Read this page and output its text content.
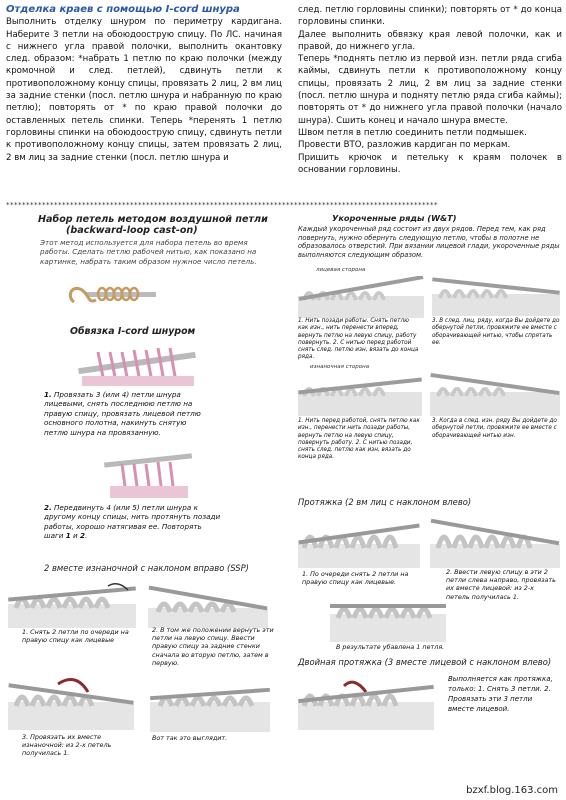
Отделка краев с помощью I-cord шнура

Выполнить отделку шнуром по периметру кардигана. Наберите 3 петли на обоюдоострую спицу. По ЛС. начиная с нижнего угла правой полочки, выполнить окантовку след. образом: *набрать 1 петлю по краю полочки (между кромочной и след. петлей), сдвинуть петли к противоположному концу спицы, провязать 2 лиц, 2 вм лиц за задние стенки (посл. петлю шнура и набранную по краю петлю); повторять от * по краю правой полочки до оставленных петель спинки. Теперь *перенять 1 петлю горловины спинки на обоюдоострую спицу, сдвинуть петли к противоположному концу спицы, затем провязать 2 лиц, 2 вм лиц за задние стенки (посл. петлю шнура и

след. петлю горловины спинки); повторять от * до конца горловины спинки.

Далее выполнить обвязку края левой полочки, как и правой, до нижнего угла.

Теперь *поднять петлю из первой изн. петли ряда сгиба каймы, сдвинуть петли к противоположному концу спицы, провязать 2 лиц, 2 вм лиц за задние стенки (посл. петлю шнура и подняту петлю ряда сгиба каймы); повторять от * до нижнего угла правой полочки (начало шнура). Сшить конец и начало шнура вместе.

Швом петля в петлю соединить петли подмышек.

Провести ВТО, разложив кардиган по меркам.

Пришить крючок и петельку к краям полочек в основании горловины.

************************************************************************************************************
Набор петель методом воздушной петли
(backward-loop cast-on)
Этот метод используется для набора петель во время работы. Сделать петлю рабочей нитью, как показано на картинке, набрать таким образом нужное число петель.
Обвязка I-cord шнуром
1. Провязать 3 (или 4) петли шнура лицевыми, снять последнюю петлю на правую спицу, провязать лицевой петлю основного полотна, накинуть снятую петлю шнура на провязанную.
2. Передвинуть 4 (или 5) петли шнура к другому концу спицы, нить протянуть позади работы, хорошо натягивая ее. Повторять шаги 1 и 2.
2 вместе изнаночной с наклоном вправо (SSP)
1. Снять 2 петли по очереди на правую спицу как лицевые
2. В том же положении вернуть эти петли на левую спицу. Ввести правую спицу за задние стенки сначала во вторую петлю, затем в первую.
3. Провязать их вместе изнаночной: из 2-х петель получилась 1.
Вот так это выглядит.
Укороченные ряды (W&T)
Каждый укороченный ряд состоит из двух рядов. Перед тем, как ряд повернуть, нужно обернуть следующую петлю, чтобы в полотне не образовалось отверстий. При вязании лицевой глади, укороченные ряды выполняются следующим образом.
лицевая сторона
1. Нить позади работы. Снять петлю как изн., нить перенести вперед, вернуть петлю на левую спицу, работу повернуть. 2. С нитью перед работой снять след. петлю изн, вязать до конца ряда.
3. В след. лиц. ряду, когда Вы дойдете до обернутой петли, провяжите ее вместе с оборачивающей нитью, чтобы спрятать ее.
изнаночная сторона
1. Нить перед работой, снять петлю как изн., перенести нить позади работы, вернуть петлю на левую спицу, повернуть работу. 2. С нитью позади, снять след. петлю как изн, вязать до конца ряда.
3. Когда в след. изн. ряду Вы дойдете до обернутой петли, провяжите ее вместе с оборачивающей нитью изн.
Протяжка (2 вм лиц с наклоном влево)
1. По очереди снять 2 петли на правую спицу как лицевые.
2. Ввести левую спицу в эти 2 петли слева направо, провязать их вместе лицевой: из 2-х петель получилась 1.
В результате убавлена 1 петля.
Двойная протяжка (3 вместе лицевой с наклоном влево)
Выполняется как протяжка, только: 1. Снять 3 петли. 2. Провязать эти 3 петли вместе лицевой.
bzxf.blog.163.com
